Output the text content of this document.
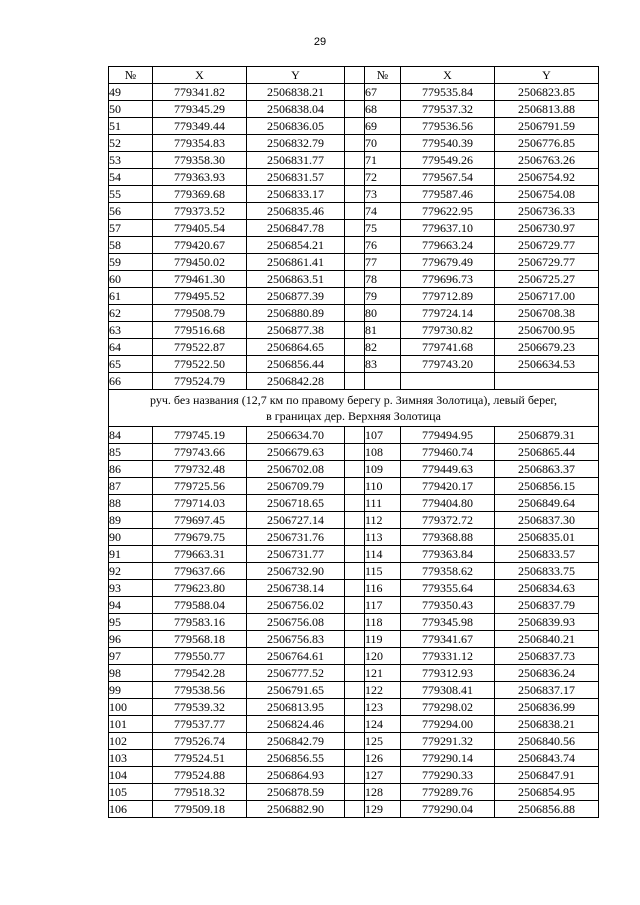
29
№	X	Y		№	X	Y
49	779341.82	2506838.21		67	779535.84	2506823.85
50	779345.29	2506838.04		68	779537.32	2506813.88
51	779349.44	2506836.05		69	779536.56	2506791.59
52	779354.83	2506832.79		70	779540.39	2506776.85
53	779358.30	2506831.77		71	779549.26	2506763.26
54	779363.93	2506831.57		72	779567.54	2506754.92
55	779369.68	2506833.17		73	779587.46	2506754.08
56	779373.52	2506835.46		74	779622.95	2506736.33
57	779405.54	2506847.78		75	779637.10	2506730.97
58	779420.67	2506854.21		76	779663.24	2506729.77
59	779450.02	2506861.41		77	779679.49	2506729.77
60	779461.30	2506863.51		78	779696.73	2506725.27
61	779495.52	2506877.39		79	779712.89	2506717.00
62	779508.79	2506880.89		80	779724.14	2506708.38
63	779516.68	2506877.38		81	779730.82	2506700.95
64	779522.87	2506864.65		82	779741.68	2506679.23
65	779522.50	2506856.44		83	779743.20	2506634.53
66	779524.79	2506842.28				

руч. без названия (12,7 км по правому берегу р. Зимняя Золотица), левый берег,
в границах дер. Верхняя Золотица						

84	779745.19	2506634.70		107	779494.95	2506879.31
85	779743.66	2506679.63		108	779460.74	2506865.44
86	779732.48	2506702.08		109	779449.63	2506863.37
87	779725.56	2506709.79		110	779420.17	2506856.15
88	779714.03	2506718.65		111	779404.80	2506849.64
89	779697.45	2506727.14		112	779372.72	2506837.30
90	779679.75	2506731.76		113	779368.88	2506835.01
91	779663.31	2506731.77		114	779363.84	2506833.57
92	779637.66	2506732.90		115	779358.62	2506833.75
93	779623.80	2506738.14		116	779355.64	2506834.63
94	779588.04	2506756.02		117	779350.43	2506837.79
95	779583.16	2506756.08		118	779345.98	2506839.93
96	779568.18	2506756.83		119	779341.67	2506840.21
97	779550.77	2506764.61		120	779331.12	2506837.73
98	779542.28	2506777.52		121	779312.93	2506836.24
99	779538.56	2506791.65		122	779308.41	2506837.17
100	779539.32	2506813.95		123	779298.02	2506836.99
101	779537.77	2506824.46		124	779294.00	2506838.21
102	779526.74	2506842.79		125	779291.32	2506840.56
103	779524.51	2506856.55		126	779290.14	2506843.74
104	779524.88	2506864.93		127	779290.33	2506847.91
105	779518.32	2506878.59		128	779289.76	2506854.95
106	779509.18	2506882.90		129	779290.04	2506856.88
